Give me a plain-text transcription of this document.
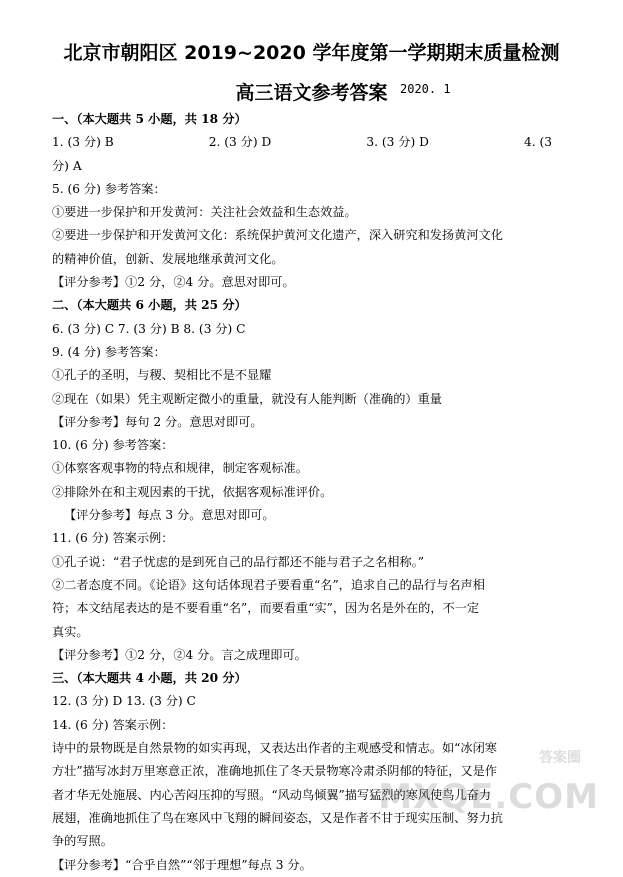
北京市朝阳区 2019~2020 学年度第一学期期末质量检测
高三语文参考答案 2020. 1
一、（本大题共 5 小题，共 18 分）
1. (3 分) B	2. (3 分) D	3. (3 分) D	4. (3
分) A
5. (6 分) 参考答案：
①要进一步保护和开发黄河：关注社会效益和生态效益。
②要进一步保护和开发黄河文化：系统保护黄河文化遗产，深入研究和发扬黄河文化
的精神价值，创新、发展地继承黄河文化。
【评分参考】①2 分，②4 分。意思对即可。
二、（本大题共 6 小题，共 25 分）
6. (3 分) C 7. (3 分) B 8. (3 分) C
9. (4 分) 参考答案：
①孔子的圣明，与稷、契相比不是不显耀
②现在（如果）凭主观断定微小的重量，就没有人能判断（准确的）重量
【评分参考】每句 2 分。意思对即可。
10. (6 分) 参考答案：
①体察客观事物的特点和规律，制定客观标准。
②排除外在和主观因素的干扰，依据客观标准评价。
【评分参考】每点 3 分。意思对即可。
11. (6 分) 答案示例：
①孔子说：“君子忧虑的是到死自己的品行都还不能与君子之名相称。”
②二者态度不同。《论语》这句话体现君子要看重“名”，追求自己的品行与名声相
符；本文结尾表达的是不要看重“名”，而要看重“实”，因为名是外在的，不一定
真实。
【评分参考】①2 分，②4 分。言之成理即可。
三、（本大题共 4 小题，共 20 分）
12. (3 分) D 13. (3 分) C
14. (6 分) 答案示例：
诗中的景物既是自然景物的如实再现，又表达出作者的主观感受和情志。如“冰闭寒
方壮”描写冰封万里寒意正浓，准确地抓住了冬天景物寒冷肃杀阴郁的特征，又是作
者才华无处施展、内心苦闷压抑的写照。“风动鸟倾翼”描写猛烈的寒风使鸟儿奋力
展翅，准确地抓住了鸟在寒风中飞翔的瞬间姿态，又是作者不甘于现实压制、努力抗
争的写照。
【评分参考】“合乎自然”“邻于理想”每点 3 分。
答案圈
MXQE.COM
